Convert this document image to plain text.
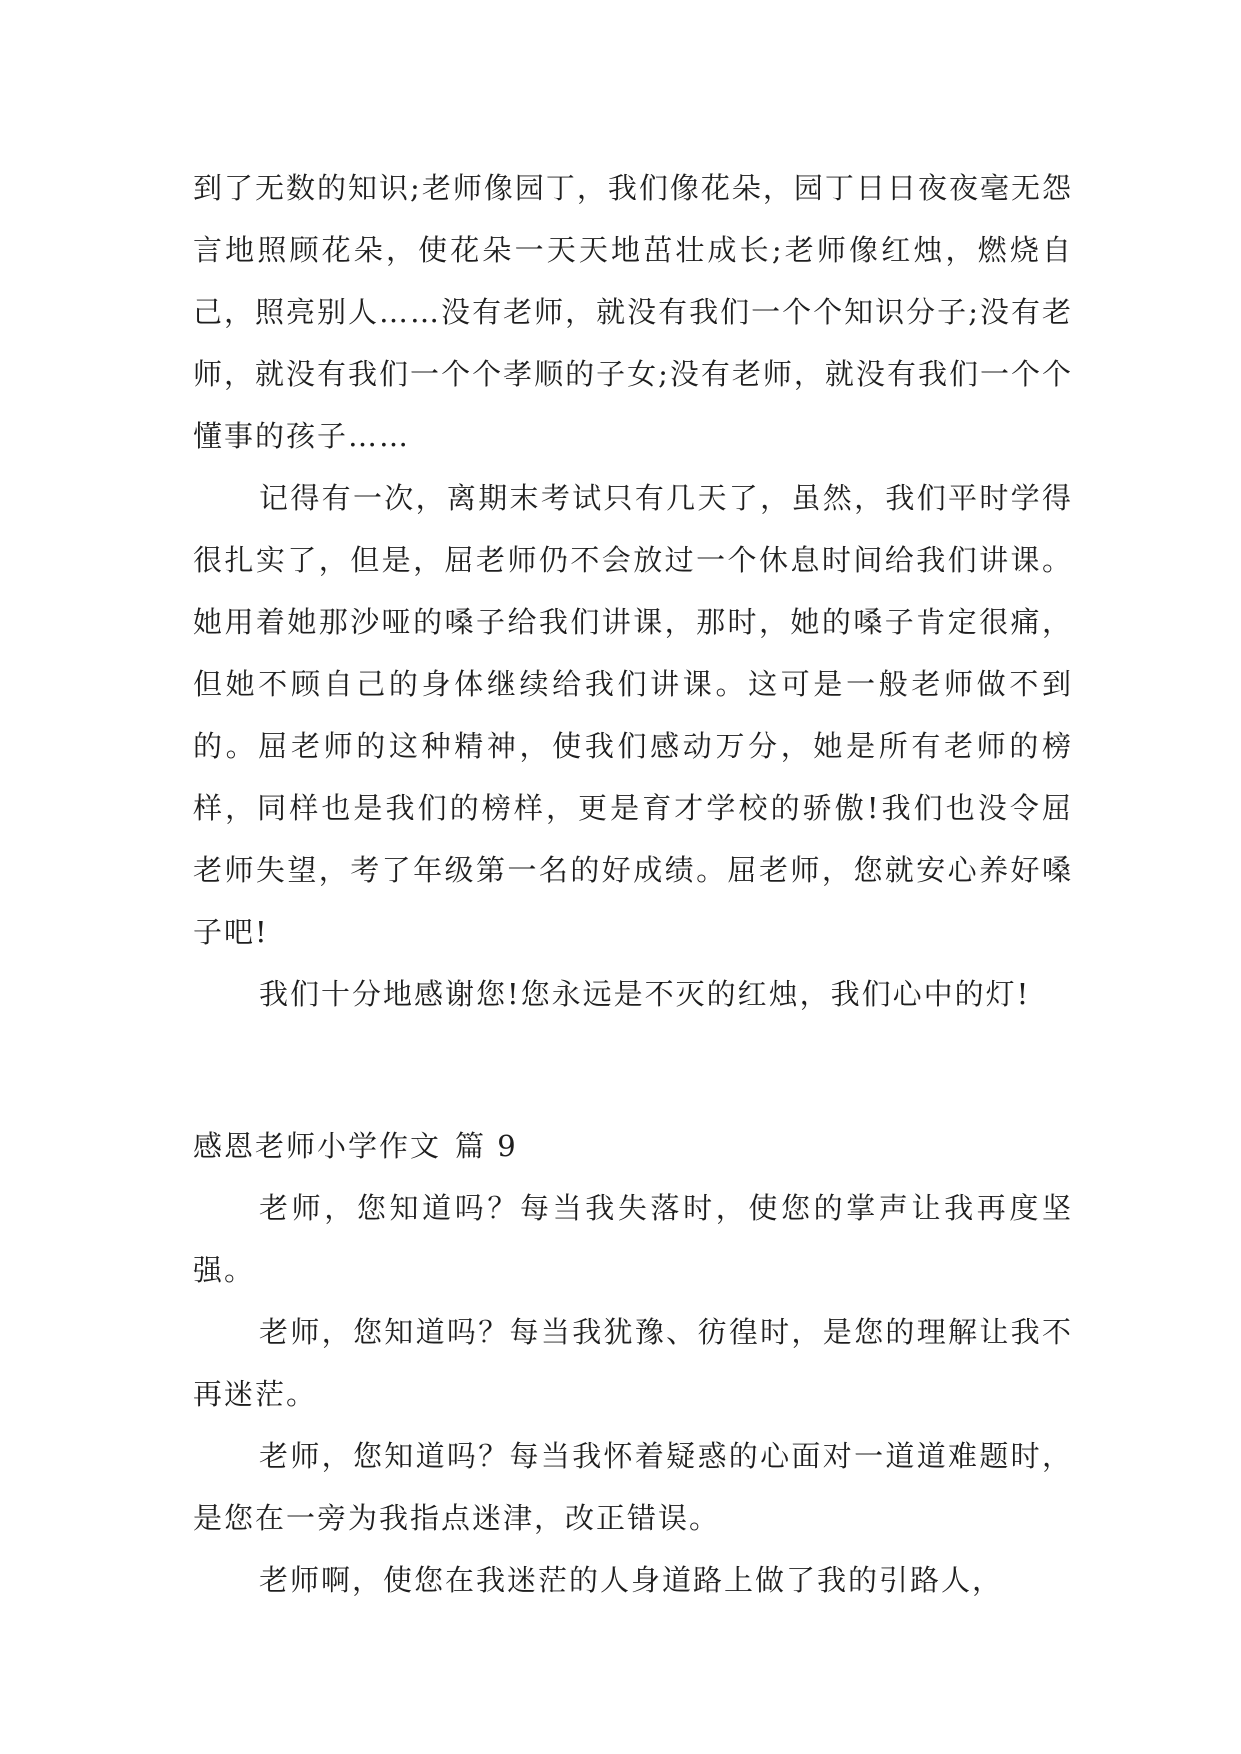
到了无数的知识;老师像园丁，我们像花朵，园丁日日夜夜毫无怨言地照顾花朵，使花朵一天天地茁壮成长;老师像红烛，燃烧自己，照亮别人……没有老师，就没有我们一个个知识分子;没有老师，就没有我们一个个孝顺的子女;没有老师，就没有我们一个个懂事的孩子……

记得有一次，离期末考试只有几天了，虽然，我们平时学得很扎实了，但是，屈老师仍不会放过一个休息时间给我们讲课。她用着她那沙哑的嗓子给我们讲课，那时，她的嗓子肯定很痛，但她不顾自己的身体继续给我们讲课。这可是一般老师做不到的。屈老师的这种精神，使我们感动万分，她是所有老师的榜样，同样也是我们的榜样，更是育才学校的骄傲!我们也没令屈老师失望，考了年级第一名的好成绩。屈老师，您就安心养好嗓子吧!

我们十分地感谢您!您永远是不灭的红烛，我们心中的灯!

感恩老师小学作文 篇 9

老师，您知道吗？每当我失落时，使您的掌声让我再度坚强。

老师，您知道吗？每当我犹豫、彷徨时，是您的理解让我不再迷茫。

老师，您知道吗？每当我怀着疑惑的心面对一道道难题时，是您在一旁为我指点迷津，改正错误。

老师啊，使您在我迷茫的人身道路上做了我的引路人，
